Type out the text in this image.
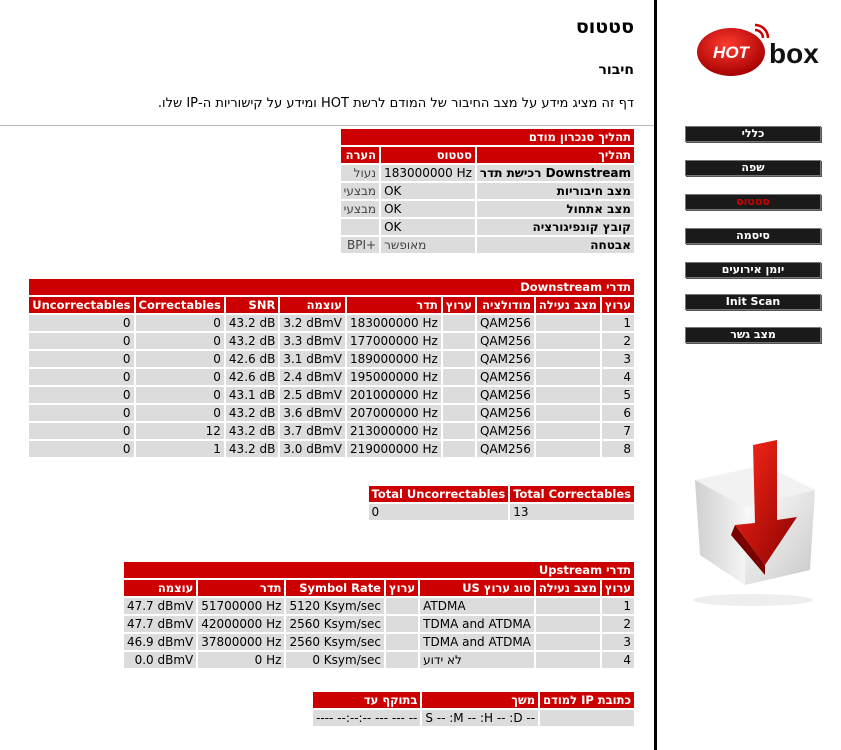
סטטוס
חיבור

דף זה מציג מידע על מצב החיבור של המודם לרשת HOT ומידע על קישוריות ה-IP שלו.

תהליך סנכרון מודם		
תהליך	סטטוס	הערה
רכישת תדר Downstream	183000000 Hz	נעול
מצב חיבוריות	OK	מבצעי
מצב אתחול	OK	מבצעי
קובץ קונפיגורציה	OK	
אבטחה	מאופשר	BPI+
תדרי Downstream								
ערוץ	מצב נעילה	מודולציה	ערוץ	תדר	עוצמה	SNR	Correctables	Uncorrectables
1		QAM256		183000000 Hz	3.2 dBmV	43.2 dB	0	0
2		QAM256		177000000 Hz	3.3 dBmV	43.2 dB	0	0
3		QAM256		189000000 Hz	3.1 dBmV	42.6 dB	0	0
4		QAM256		195000000 Hz	2.4 dBmV	42.6 dB	0	0
5		QAM256		201000000 Hz	2.5 dBmV	43.1 dB	0	0
6		QAM256		207000000 Hz	3.6 dBmV	43.2 dB	0	0
7		QAM256		213000000 Hz	3.7 dBmV	43.2 dB	12	0
8		QAM256		219000000 Hz	3.0 dBmV	43.2 dB	1	0
Total Correctables	Total Uncorrectables
13	0
תדרי Upstream						
ערוץ	מצב נעילה	סוג ערוץ US	ערוץ	Symbol Rate	תדר	עוצמה
1		ATDMA		5120 Ksym/sec	51700000 Hz	47.7 dBmV
2		TDMA and ATDMA		2560 Ksym/sec	42000000 Hz	47.7 dBmV
3		TDMA and ATDMA		2560 Ksym/sec	37800000 Hz	46.9 dBmV
4		לא ידוע		0 Ksym/sec	0 Hz	0.0 dBmV
כתובת IP למודם	משך	בתוקף עד
	S -- :M -- :H -- :D --	---- --:--:-- --- --- --
HOT box
כללי
שפה
סטטוס
סיסמה
יומן אירועים
Init Scan
מצב גשר
